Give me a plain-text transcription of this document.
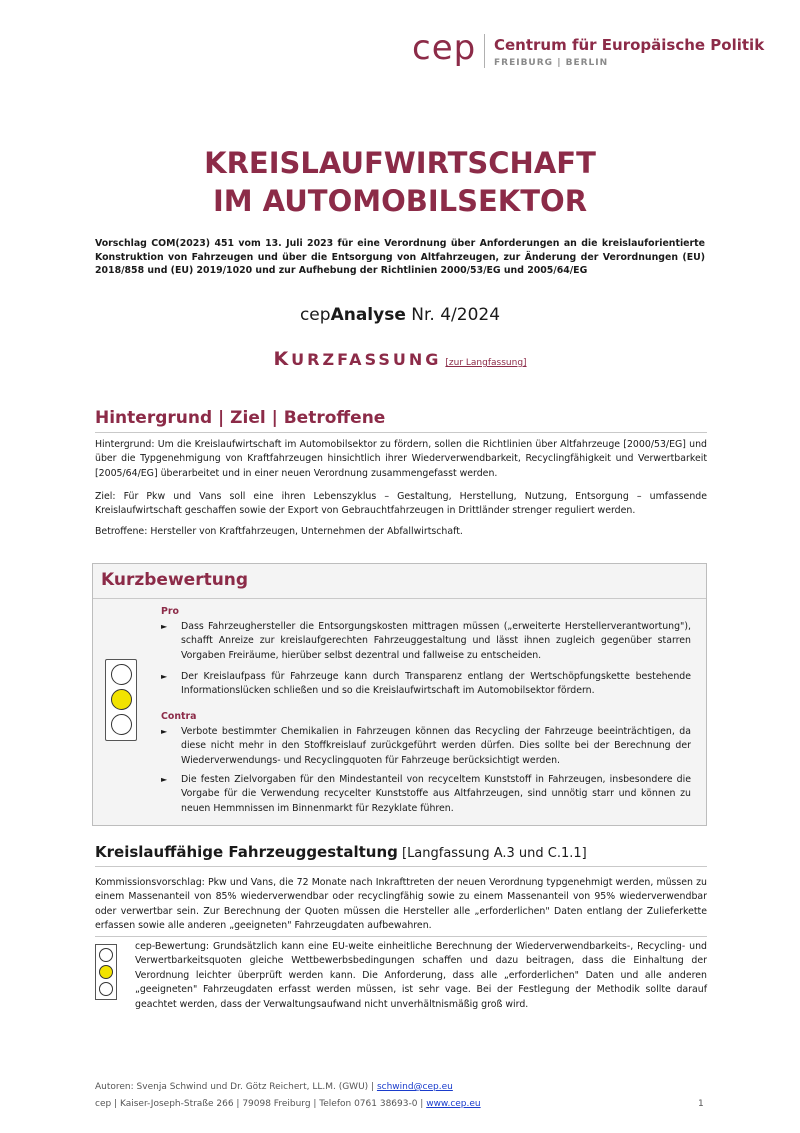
cep Centrum für Europäische Politik
FREIBURG | BERLIN
KREISLAUFWIRTSCHAFT
IM AUTOMOBILSEKTOR
Vorschlag COM(2023) 451 vom 13. Juli 2023 für eine Verordnung über Anforderungen an die kreislauforientierte Konstruktion von Fahrzeugen und über die Entsorgung von Altfahrzeugen, zur Änderung der Verordnungen (EU) 2018/858 und (EU) 2019/1020 und zur Aufhebung der Richtlinien 2000/53/EG und 2005/64/EG
cepAnalyse Nr. 4/2024
KURZFASSUNG [zur Langfassung]
Hintergrund | Ziel | Betroffene
Hintergrund: Um die Kreislaufwirtschaft im Automobilsektor zu fördern, sollen die Richtlinien über Altfahrzeuge [2000/53/EG] und über die Typgenehmigung von Kraftfahrzeugen hinsichtlich ihrer Wiederverwendbarkeit, Recyclingfähigkeit und Verwertbarkeit [2005/64/EG] überarbeitet und in einer neuen Verordnung zusammengefasst werden.
Ziel: Für Pkw und Vans soll eine ihren Lebenszyklus – Gestaltung, Herstellung, Nutzung, Entsorgung – umfassende Kreislaufwirtschaft geschaffen sowie der Export von Gebrauchtfahrzeugen in Drittländer strenger reguliert werden.
Betroffene: Hersteller von Kraftfahrzeugen, Unternehmen der Abfallwirtschaft.
Kurzbewertung
Pro
► Dass Fahrzeughersteller die Entsorgungskosten mittragen müssen („erweiterte Herstellerverantwortung"), schafft Anreize zur kreislaufgerechten Fahrzeuggestaltung und lässt ihnen zugleich gegenüber starren Vorgaben Freiräume, hierüber selbst dezentral und fallweise zu entscheiden.
► Der Kreislaufpass für Fahrzeuge kann durch Transparenz entlang der Wertschöpfungskette bestehende Informationslücken schließen und so die Kreislaufwirtschaft im Automobilsektor fördern.
Contra
► Verbote bestimmter Chemikalien in Fahrzeugen können das Recycling der Fahrzeuge beeinträchtigen, da diese nicht mehr in den Stoffkreislauf zurückgeführt werden dürfen. Dies sollte bei der Berechnung der Wiederverwendungs- und Recyclingquoten für Fahrzeuge berücksichtigt werden.
► Die festen Zielvorgaben für den Mindestanteil von recyceltem Kunststoff in Fahrzeugen, insbesondere die Vorgabe für die Verwendung recycelter Kunststoffe aus Altfahrzeugen, sind unnötig starr und können zu neuen Hemmnissen im Binnenmarkt für Rezyklate führen.
Kreislauffähige Fahrzeuggestaltung [Langfassung A.3 und C.1.1]
Kommissionsvorschlag: Pkw und Vans, die 72 Monate nach Inkrafttreten der neuen Verordnung typgenehmigt werden, müssen zu einem Massenanteil von 85% wiederverwendbar oder recyclingfähig sowie zu einem Massenanteil von 95% wiederverwendbar oder verwertbar sein. Zur Berechnung der Quoten müssen die Hersteller alle „erforderlichen" Daten entlang der Zulieferkette erfassen sowie alle anderen „geeigneten" Fahrzeugdaten aufbewahren.
cep-Bewertung: Grundsätzlich kann eine EU-weite einheitliche Berechnung der Wiederverwendbarkeits-, Recycling- und Verwertbarkeitsquoten gleiche Wettbewerbsbedingungen schaffen und dazu beitragen, dass die Einhaltung der Verordnung leichter überprüft werden kann. Die Anforderung, dass alle „erforderlichen" Daten und alle anderen „geeigneten" Fahrzeugdaten erfasst werden müssen, ist sehr vage. Bei der Festlegung der Methodik sollte darauf geachtet werden, dass der Verwaltungsaufwand nicht unverhältnismäßig groß wird.
Autoren: Svenja Schwind und Dr. Götz Reichert, LL.M. (GWU) | schwind@cep.eu
cep | Kaiser-Joseph-Straße 266 | 79098 Freiburg | Telefon 0761 38693-0 | www.cep.eu	1
